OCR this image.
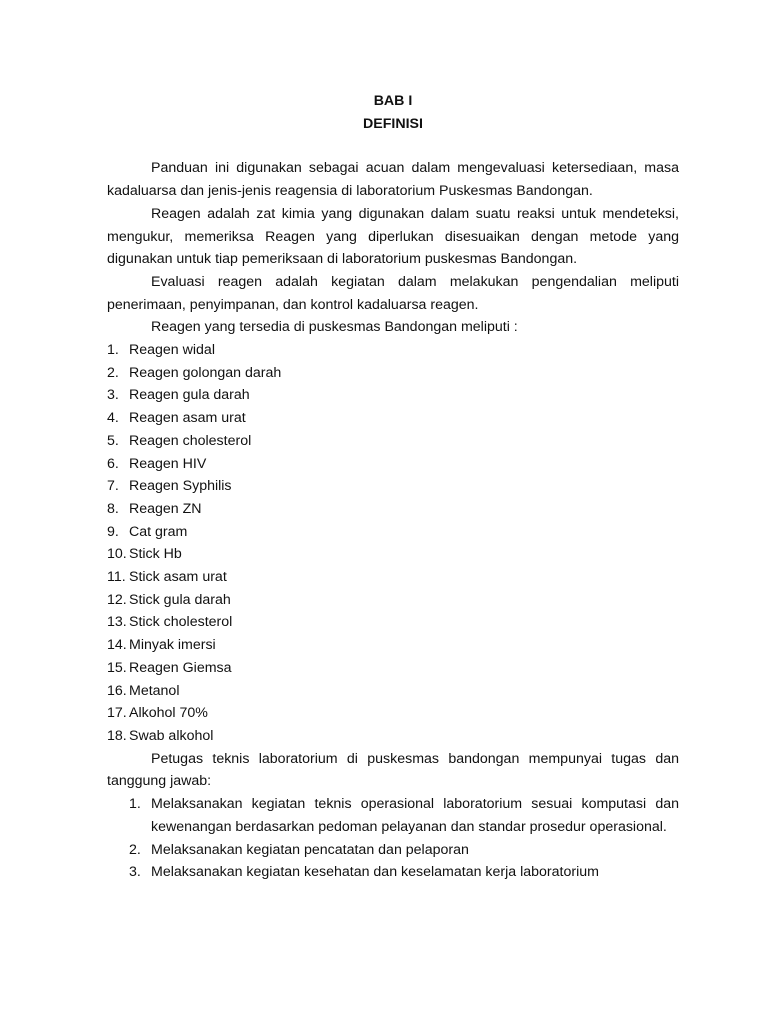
BAB I

DEFINISI

Panduan ini digunakan sebagai acuan dalam mengevaluasi ketersediaan, masa kadaluarsa dan jenis-jenis reagensia di laboratorium Puskesmas Bandongan.

Reagen adalah zat kimia yang digunakan dalam suatu reaksi untuk mendeteksi, mengukur, memeriksa Reagen yang diperlukan disesuaikan dengan metode yang digunakan untuk tiap pemeriksaan di laboratorium puskesmas Bandongan.

Evaluasi reagen adalah kegiatan dalam melakukan pengendalian meliputi penerimaan, penyimpanan, dan kontrol kadaluarsa reagen.

Reagen yang tersedia di puskesmas Bandongan meliputi :

1. Reagen widal
2. Reagen golongan darah
3. Reagen gula darah
4. Reagen asam urat
5. Reagen cholesterol
6. Reagen HIV
7. Reagen Syphilis
8. Reagen ZN
9. Cat gram
10. Stick Hb
11. Stick asam urat
12. Stick gula darah
13. Stick cholesterol
14. Minyak imersi
15. Reagen Giemsa
16. Metanol
17. Alkohol 70%
18. Swab alkohol

Petugas teknis laboratorium di puskesmas bandongan mempunyai tugas dan tanggung jawab:

1. Melaksanakan kegiatan teknis operasional laboratorium sesuai komputasi dan kewenangan berdasarkan pedoman pelayanan dan standar prosedur operasional.
2. Melaksanakan kegiatan pencatatan dan pelaporan
3. Melaksanakan kegiatan kesehatan dan keselamatan kerja laboratorium
